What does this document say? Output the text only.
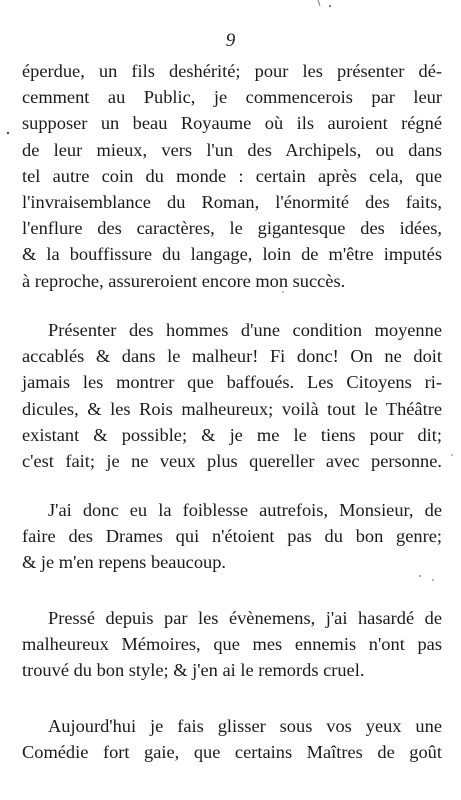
9
éperdue, un fils deshérité; pour les présenter dé-
cemment au Public, je commencerois par leur
supposer un beau Royaume où ils auroient régné
de leur mieux, vers l'un des Archipels, ou dans
tel autre coin du monde : certain après cela, que
l'invraisemblance du Roman, l'énormité des faits,
l'enflure des caractères, le gigantesque des idées,
& la bouffissure du langage, loin de m'être imputés
à reproche, assureroient encore mon succès.
Présenter des hommes d'une condition moyenne
accablés & dans le malheur! Fi donc! On ne doit
jamais les montrer que baffoués. Les Citoyens ri-
dicules, & les Rois malheureux; voilà tout le Théâtre
existant & possible; & je me le tiens pour dit;
c'est fait; je ne veux plus quereller avec personne.
J'ai donc eu la foiblesse autrefois, Monsieur, de
faire des Drames qui n'étoient pas du bon genre;
& je m'en repens beaucoup.
Pressé depuis par les évènemens, j'ai hasardé de
malheureux Mémoires, que mes ennemis n'ont pas
trouvé du bon style; & j'en ai le remords cruel.
Aujourd'hui je fais glisser sous vos yeux une
Comédie fort gaie, que certains Maîtres de goût
